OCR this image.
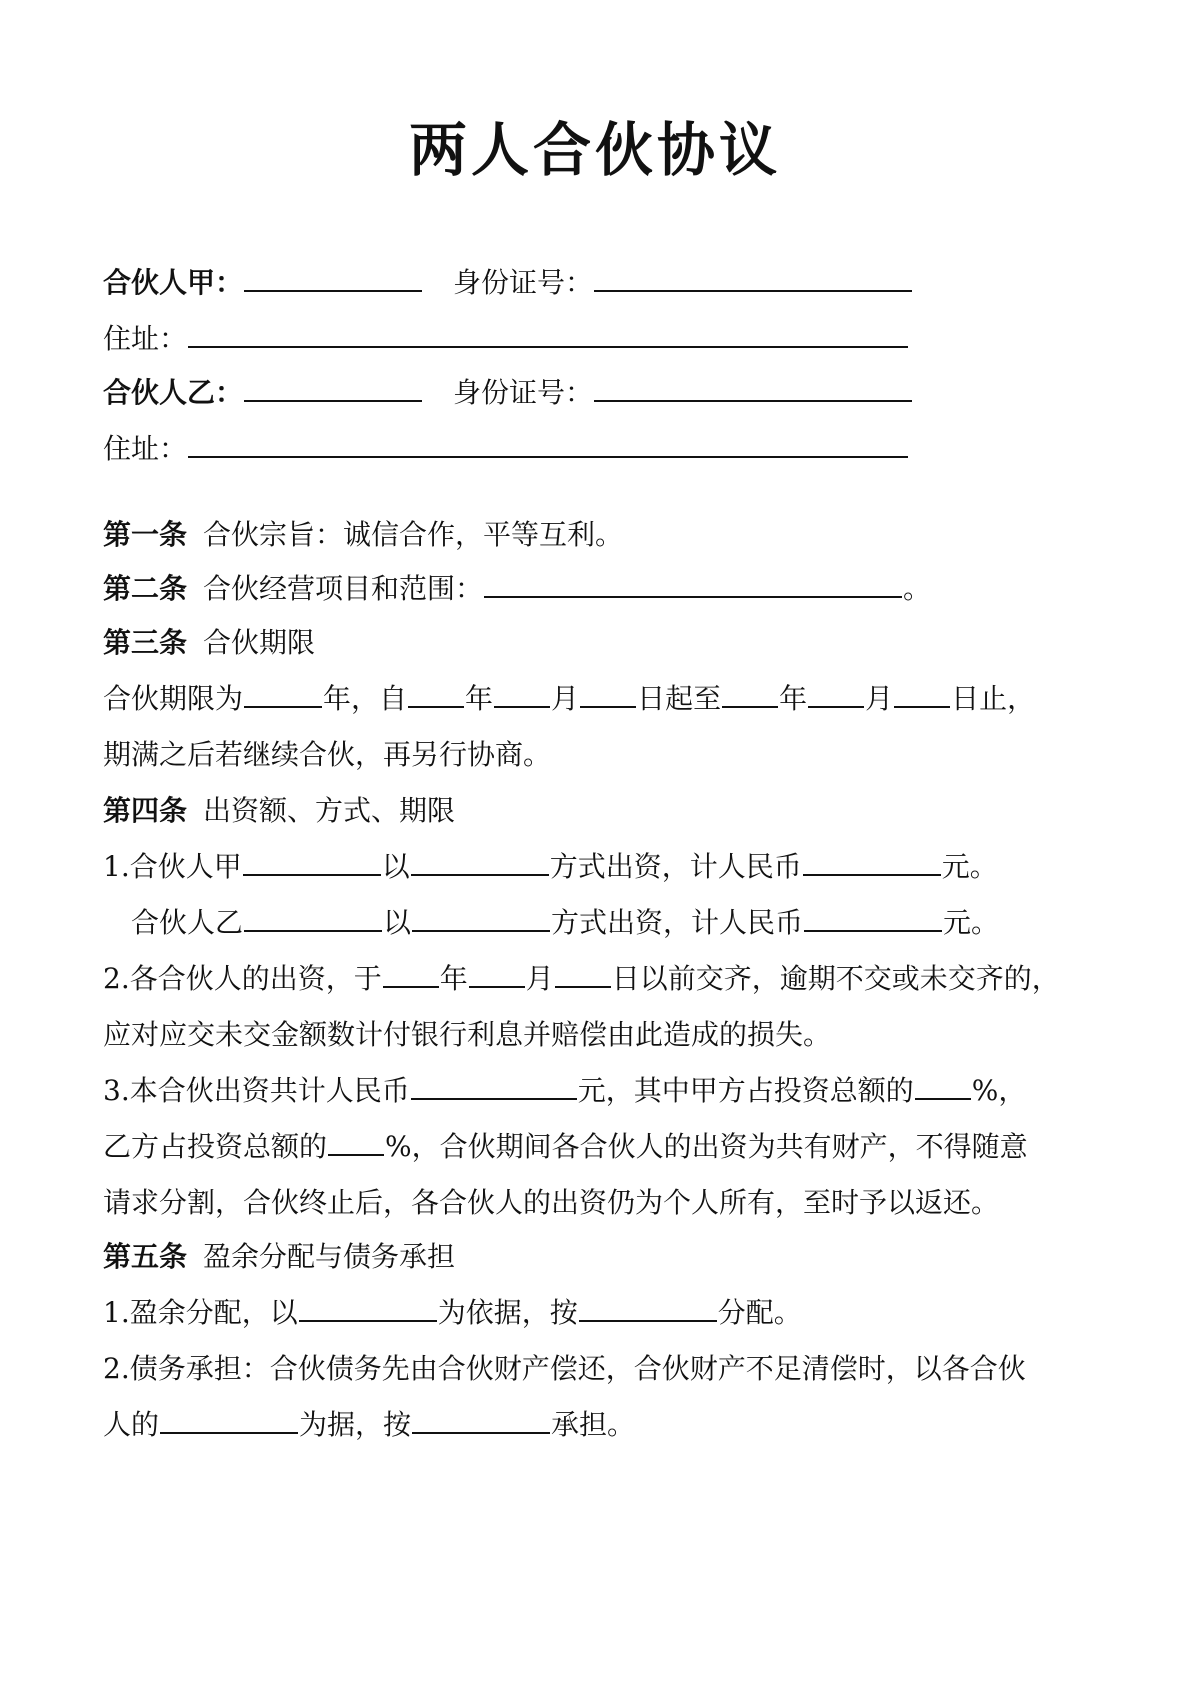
两人合伙协议
合伙人甲：	身份证号：
住址：
合伙人乙：	身份证号：
住址：
第一条 合伙宗旨：诚信合作，平等互利。
第二条 合伙经营项目和范围：	。
第三条 合伙期限
合伙期限为	年，自 年 月 日起至 年 月 日止，
期满之后若继续合伙，再另行协商。
第四条 出资额、方式、期限
1.合伙人甲	以	方式出资，计人民币	元。
合伙人乙	以	方式出资，计人民币	元。
2.各合伙人的出资，于 年 月 日以前交齐，逾期不交或未交齐的，
应对应交未交金额数计付银行利息并赔偿由此造成的损失。
3.本合伙出资共计人民币	元，其中甲方占投资总额的 %，
乙方占投资总额的 %，合伙期间各合伙人的出资为共有财产，不得随意
请求分割，合伙终止后，各合伙人的出资仍为个人所有，至时予以返还。
第五条 盈余分配与债务承担
1.盈余分配，以	为依据，按	分配。
2.债务承担：合伙债务先由合伙财产偿还，合伙财产不足清偿时，以各合伙
人的	为据，按	承担。
